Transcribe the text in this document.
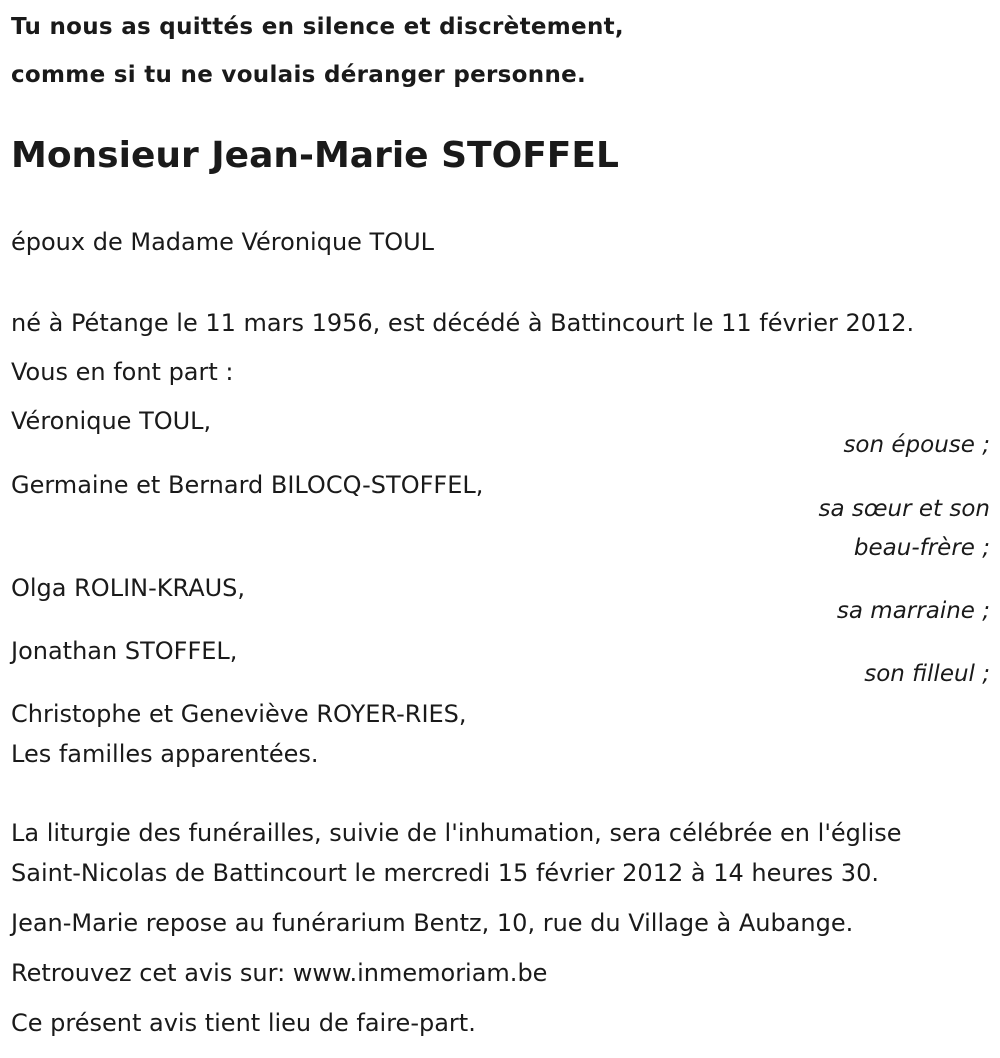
Tu nous as quittés en silence et discrètement,
comme si tu ne voulais déranger personne.
Monsieur Jean-Marie STOFFEL
époux de Madame Véronique TOUL
né à Pétange le 11 mars 1956, est décédé à Battincourt le 11 février 2012.
Vous en font part :
Véronique TOUL,
son épouse ;
Germaine et Bernard BILOCQ-STOFFEL,
sa sœur et son
beau-frère ;
Olga ROLIN-KRAUS,
sa marraine ;
Jonathan STOFFEL,
son filleul ;
Christophe et Geneviève ROYER-RIES,
Les familles apparentées.
La liturgie des funérailles, suivie de l'inhumation, sera célébrée en l'église
Saint-Nicolas de Battincourt le mercredi 15 février 2012 à 14 heures 30.
Jean-Marie repose au funérarium Bentz, 10, rue du Village à Aubange.
Retrouvez cet avis sur: www.inmemoriam.be
Ce présent avis tient lieu de faire-part.
